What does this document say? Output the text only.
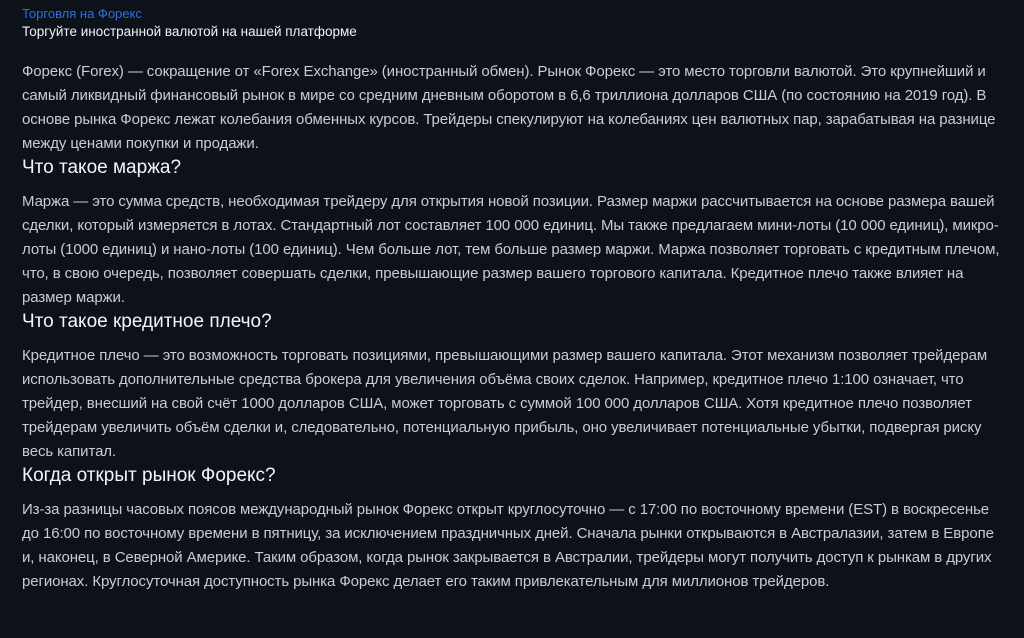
Торговля на Форекс
Торгуйте иностранной валютой на нашей платформе

Форекс (Forex) — сокращение от «Forex Exchange» (иностранный обмен). Рынок Форекс — это место торговли валютой. Это крупнейший и самый ликвидный финансовый рынок в мире со средним дневным оборотом в 6,6 триллиона долларов США (по состоянию на 2019 год). В основе рынка Форекс лежат колебания обменных курсов. Трейдеры спекулируют на колебаниях цен валютных пар, зарабатывая на разнице между ценами покупки и продажи.

Что такое маржа?

Маржа — это сумма средств, необходимая трейдеру для открытия новой позиции. Размер маржи рассчитывается на основе размера вашей сделки, который измеряется в лотах. Стандартный лот составляет 100 000 единиц. Мы также предлагаем мини-лоты (10 000 единиц), микро-лоты (1000 единиц) и нано-лоты (100 единиц). Чем больше лот, тем больше размер маржи. Маржа позволяет торговать с кредитным плечом, что, в свою очередь, позволяет совершать сделки, превышающие размер вашего торгового капитала. Кредитное плечо также влияет на размер маржи.

Что такое кредитное плечо?

Кредитное плечо — это возможность торговать позициями, превышающими размер вашего капитала. Этот механизм позволяет трейдерам использовать дополнительные средства брокера для увеличения объёма своих сделок. Например, кредитное плечо 1:100 означает, что трейдер, внесший на свой счёт 1000 долларов США, может торговать с суммой 100 000 долларов США. Хотя кредитное плечо позволяет трейдерам увеличить объём сделки и, следовательно, потенциальную прибыль, оно увеличивает потенциальные убытки, подвергая риску весь капитал.

Когда открыт рынок Форекс?

Из-за разницы часовых поясов международный рынок Форекс открыт круглосуточно — с 17:00 по восточному времени (EST) в воскресенье до 16:00 по восточному времени в пятницу, за исключением праздничных дней. Сначала рынки открываются в Австралазии, затем в Европе и, наконец, в Северной Америке. Таким образом, когда рынок закрывается в Австралии, трейдеры могут получить доступ к рынкам в других регионах. Круглосуточная доступность рынка Форекс делает его таким привлекательным для миллионов трейдеров.
